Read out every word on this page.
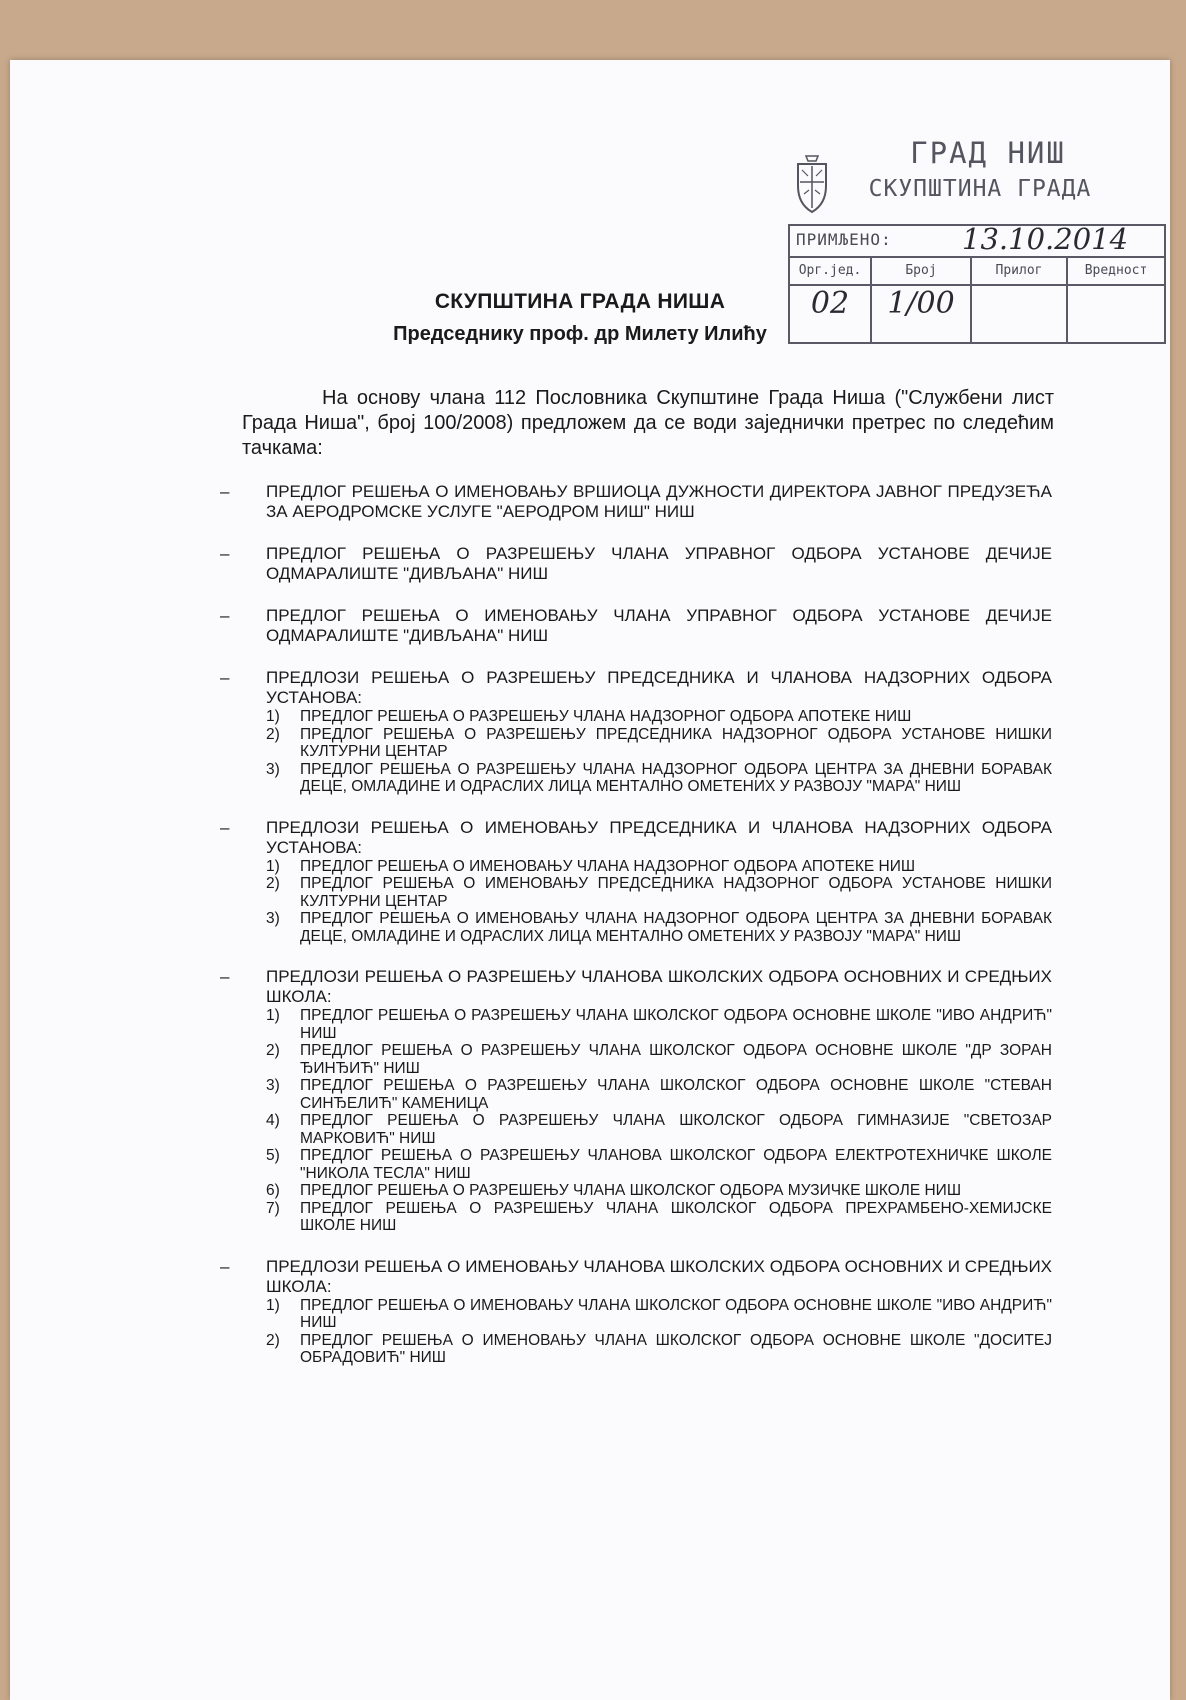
ГРАД НИШ
СКУПШТИНА ГРАДА
ПРИМЉЕНО: 13.10.2014
Орг.јед.
02
Број
1/00
Прилог	Вредност
СКУПШТИНА ГРАДА НИША
Председнику проф. др Милету Илићу
На основу члана 112 Пословника Скупштине Града Ниша ("Службени лист Града Ниша", број 100/2008) предложем да се води заједнички претрес по следећим тачкама:
– ПРЕДЛОГ РЕШЕЊА О ИМЕНОВАЊУ ВРШИОЦА ДУЖНОСТИ ДИРЕКТОРА ЈАВНОГ ПРЕДУЗЕЋА ЗА АЕРОДРОМСКЕ УСЛУГЕ "АЕРОДРОМ НИШ" НИШ
– ПРЕДЛОГ РЕШЕЊА О РАЗРЕШЕЊУ ЧЛАНА УПРАВНОГ ОДБОРА УСТАНОВЕ ДЕЧИЈЕ ОДМАРАЛИШТЕ "ДИВЉАНА" НИШ
– ПРЕДЛОГ РЕШЕЊА О ИМЕНОВАЊУ ЧЛАНА УПРАВНОГ ОДБОРА УСТАНОВЕ ДЕЧИЈЕ ОДМАРАЛИШТЕ "ДИВЉАНА" НИШ
– ПРЕДЛОЗИ РЕШЕЊА О РАЗРЕШЕЊУ ПРЕДСЕДНИКА И ЧЛАНОВА НАДЗОРНИХ ОДБОРА УСТАНОВА:
1) ПРЕДЛОГ РЕШЕЊА О РАЗРЕШЕЊУ ЧЛАНА НАДЗОРНОГ ОДБОРА АПОТЕКЕ НИШ
2) ПРЕДЛОГ РЕШЕЊА О РАЗРЕШЕЊУ ПРЕДСЕДНИКА НАДЗОРНОГ ОДБОРА УСТАНОВЕ НИШКИ КУЛТУРНИ ЦЕНТАР
3) ПРЕДЛОГ РЕШЕЊА О РАЗРЕШЕЊУ ЧЛАНА НАДЗОРНОГ ОДБОРА ЦЕНТРА ЗА ДНЕВНИ БОРАВАК ДЕЦЕ, ОМЛАДИНЕ И ОДРАСЛИХ ЛИЦА МЕНТАЛНО ОМЕТЕНИХ У РАЗВОЈУ "МАРА" НИШ
– ПРЕДЛОЗИ РЕШЕЊА О ИМЕНОВАЊУ ПРЕДСЕДНИКА И ЧЛАНОВА НАДЗОРНИХ ОДБОРА УСТАНОВА:
1) ПРЕДЛОГ РЕШЕЊА О ИМЕНОВАЊУ ЧЛАНА НАДЗОРНОГ ОДБОРА АПОТЕКЕ НИШ
2) ПРЕДЛОГ РЕШЕЊА О ИМЕНОВАЊУ ПРЕДСЕДНИКА НАДЗОРНОГ ОДБОРА УСТАНОВЕ НИШКИ КУЛТУРНИ ЦЕНТАР
3) ПРЕДЛОГ РЕШЕЊА О ИМЕНОВАЊУ ЧЛАНА НАДЗОРНОГ ОДБОРА ЦЕНТРА ЗА ДНЕВНИ БОРАВАК ДЕЦЕ, ОМЛАДИНЕ И ОДРАСЛИХ ЛИЦА МЕНТАЛНО ОМЕТЕНИХ У РАЗВОЈУ "МАРА" НИШ
– ПРЕДЛОЗИ РЕШЕЊА О РАЗРЕШЕЊУ ЧЛАНОВА ШКОЛСКИХ ОДБОРА ОСНОВНИХ И СРЕДЊИХ ШКОЛА:
1) ПРЕДЛОГ РЕШЕЊА О РАЗРЕШЕЊУ ЧЛАНА ШКОЛСКОГ ОДБОРА ОСНОВНЕ ШКОЛЕ "ИВО АНДРИЋ" НИШ
2) ПРЕДЛОГ РЕШЕЊА О РАЗРЕШЕЊУ ЧЛАНА ШКОЛСКОГ ОДБОРА ОСНОВНЕ ШКОЛЕ "ДР ЗОРАН ЂИНЂИЋ" НИШ
3) ПРЕДЛОГ РЕШЕЊА О РАЗРЕШЕЊУ ЧЛАНА ШКОЛСКОГ ОДБОРА ОСНОВНЕ ШКОЛЕ "СТЕВАН СИНЂЕЛИЋ" КАМЕНИЦА
4) ПРЕДЛОГ РЕШЕЊА О РАЗРЕШЕЊУ ЧЛАНА ШКОЛСКОГ ОДБОРА ГИМНАЗИЈЕ "СВЕТОЗАР МАРКОВИЋ" НИШ
5) ПРЕДЛОГ РЕШЕЊА О РАЗРЕШЕЊУ ЧЛАНОВА ШКОЛСКОГ ОДБОРА ЕЛЕКТРОТЕХНИЧКЕ ШКОЛЕ "НИКОЛА ТЕСЛА" НИШ
6) ПРЕДЛОГ РЕШЕЊА О РАЗРЕШЕЊУ ЧЛАНА ШКОЛСКОГ ОДБОРА МУЗИЧКЕ ШКОЛЕ НИШ
7) ПРЕДЛОГ РЕШЕЊА О РАЗРЕШЕЊУ ЧЛАНА ШКОЛСКОГ ОДБОРА ПРЕХРАМБЕНО-ХЕМИЈСКЕ ШКОЛЕ НИШ
– ПРЕДЛОЗИ РЕШЕЊА О ИМЕНОВАЊУ ЧЛАНОВА ШКОЛСКИХ ОДБОРА ОСНОВНИХ И СРЕДЊИХ ШКОЛА:
1) ПРЕДЛОГ РЕШЕЊА О ИМЕНОВАЊУ ЧЛАНА ШКОЛСКОГ ОДБОРА ОСНОВНЕ ШКОЛЕ "ИВО АНДРИЋ" НИШ
2) ПРЕДЛОГ РЕШЕЊА О ИМЕНОВАЊУ ЧЛАНА ШКОЛСКОГ ОДБОРА ОСНОВНЕ ШКОЛЕ "ДОСИТЕЈ ОБРАДОВИЋ" НИШ
